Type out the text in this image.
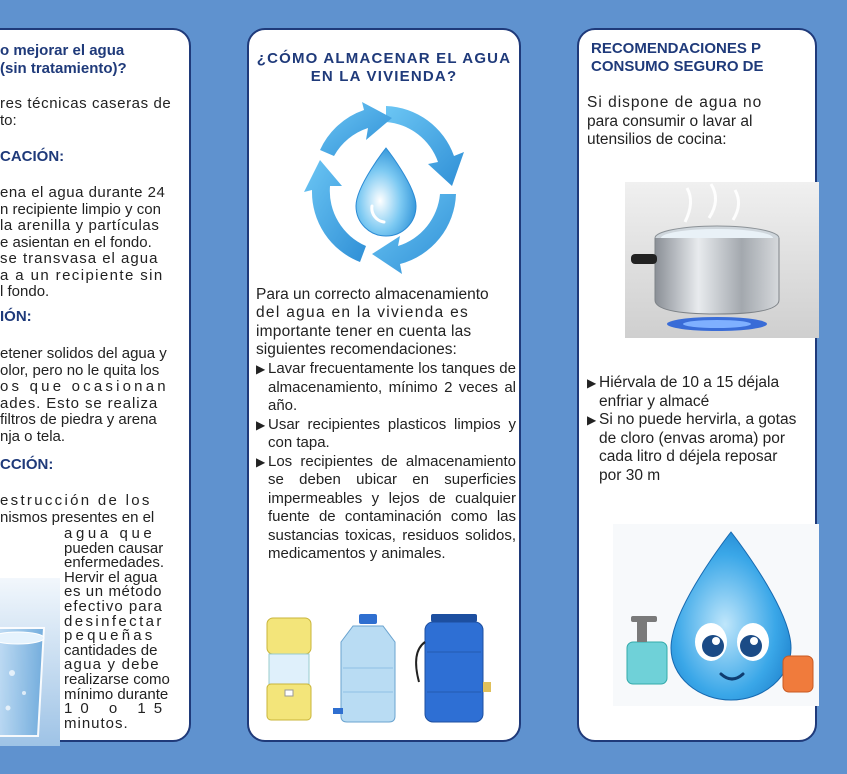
o mejorar el agua
(sin tratamiento)?
res técnicas caseras de
to:
CACIÓN:
ena el agua durante 24
n recipiente limpio y con
la arenilla y partículas
e asientan en el fondo.
se transvasa el agua
a a un recipiente sin
l fondo.
IÓN:
etener solidos del agua y
olor, pero no le quita los
os que ocasionan
ades. Esto se realiza
filtros de piedra y arena
nja o tela.
CCIÓN:
estrucción de los
nismos presentes en el
agua que
pueden causar
enfermedades.
Hervir el agua
es un método
efectivo para
desinfectar
pequeñas
cantidades de
agua y debe
realizarse como
mínimo durante
10 o 15
minutos.
¿CÓMO ALMACENAR EL AGUA
EN LA VIVIENDA?
Para un correcto almacenamiento
del agua en la vivienda es
importante tener en cuenta las
siguientes recomendaciones:
▶ Lavar frecuentamente los tanques de almacenamiento, mínimo 2 veces al año.
▶ Usar recipientes plasticos limpios y con tapa.
▶ Los recipientes de almacenamiento se deben ubicar en superficies impermeables y lejos de cualquier fuente de contaminación como las sustancias toxicas, residuos solidos, medicamentos y animales.
RECOMENDACIONES P
CONSUMO SEGURO DE
Si dispone de agua no
para consumir o lavar al
utensilios de cocina:
▶ Hiérvala de 10 a 15 déjala enfriar y almacé
▶ Si no puede hervirla, a gotas de cloro (envas aroma) por cada litro d déjela reposar por 30 m
